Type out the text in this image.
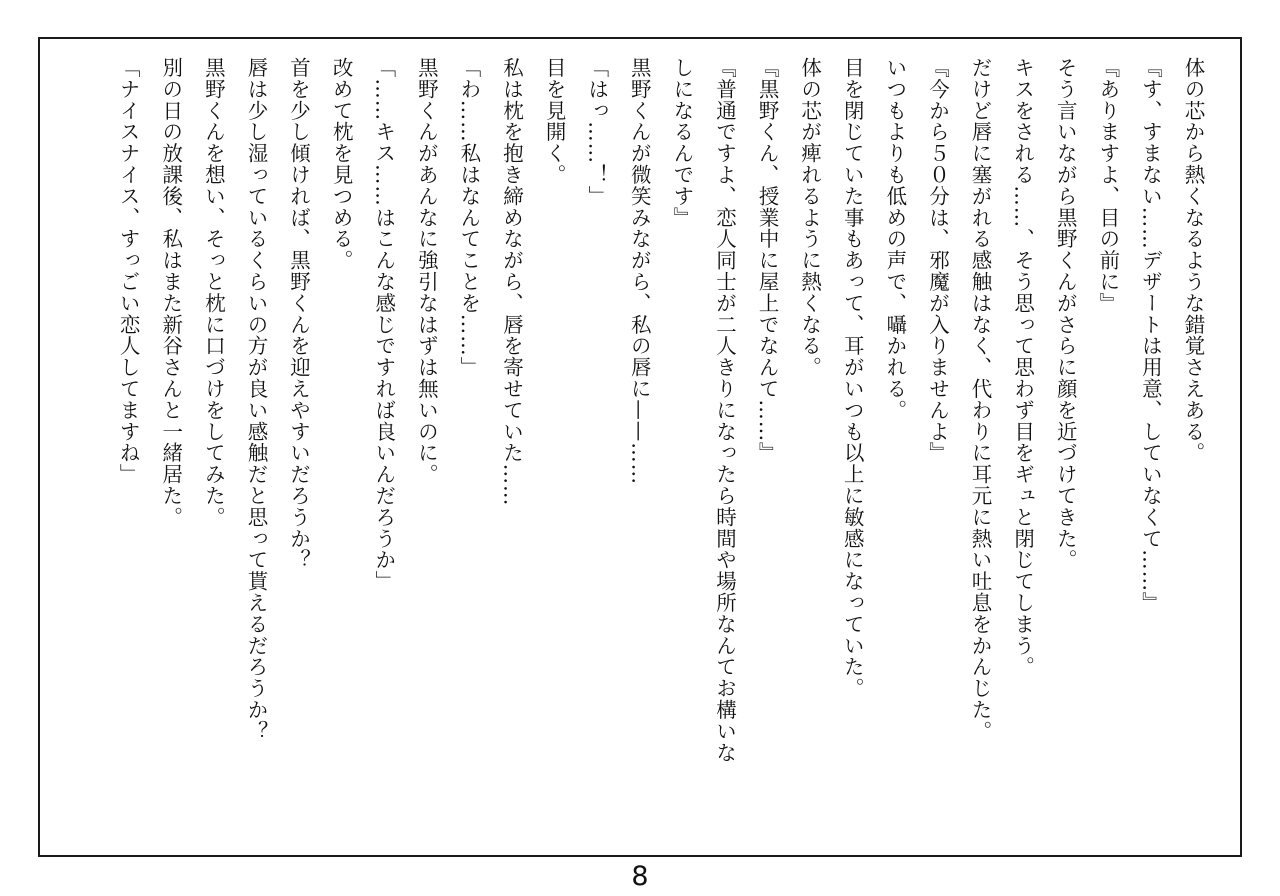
体の芯から熱くなるような錯覚さえある。

『す、すまない……デザートは用意、していなくて……』

『ありますよ、目の前に』

そう言いながら黒野くんがさらに顔を近づけてきた。

キスをされる……、そう思って思わず目をギュと閉じてしまう。

だけど唇に塞がれる感触はなく、代わりに耳元に熱い吐息をかんじた。

『今から５０分は、邪魔が入りませんよ』

いつもよりも低めの声で、囁かれる。

目を閉じていた事もあって、耳がいつも以上に敏感になっていた。

体の芯が痺れるように熱くなる。

『黒野くん、授業中に屋上でなんて……』

『普通ですよ、恋人同士が二人きりになったら時間や場所なんてお構いな

しになるんです』

黒野くんが微笑みながら、私の唇に——……

「はっ……！」

目を見開く。

私は枕を抱き締めながら、唇を寄せていた……

「わ……私はなんてことを……」

黒野くんがあんなに強引なはずは無いのに。

「……キス……はこんな感じですれば良いんだろうか」

改めて枕を見つめる。

首を少し傾ければ、黒野くんを迎えやすいだろうか？

唇は少し湿っているくらいの方が良い感触だと思って貰えるだろうか？

黒野くんを想い、そっと枕に口づけをしてみた。

別の日の放課後、私はまた新谷さんと一緒居た。

「ナイスナイス、すっごい恋人してますね」

8
